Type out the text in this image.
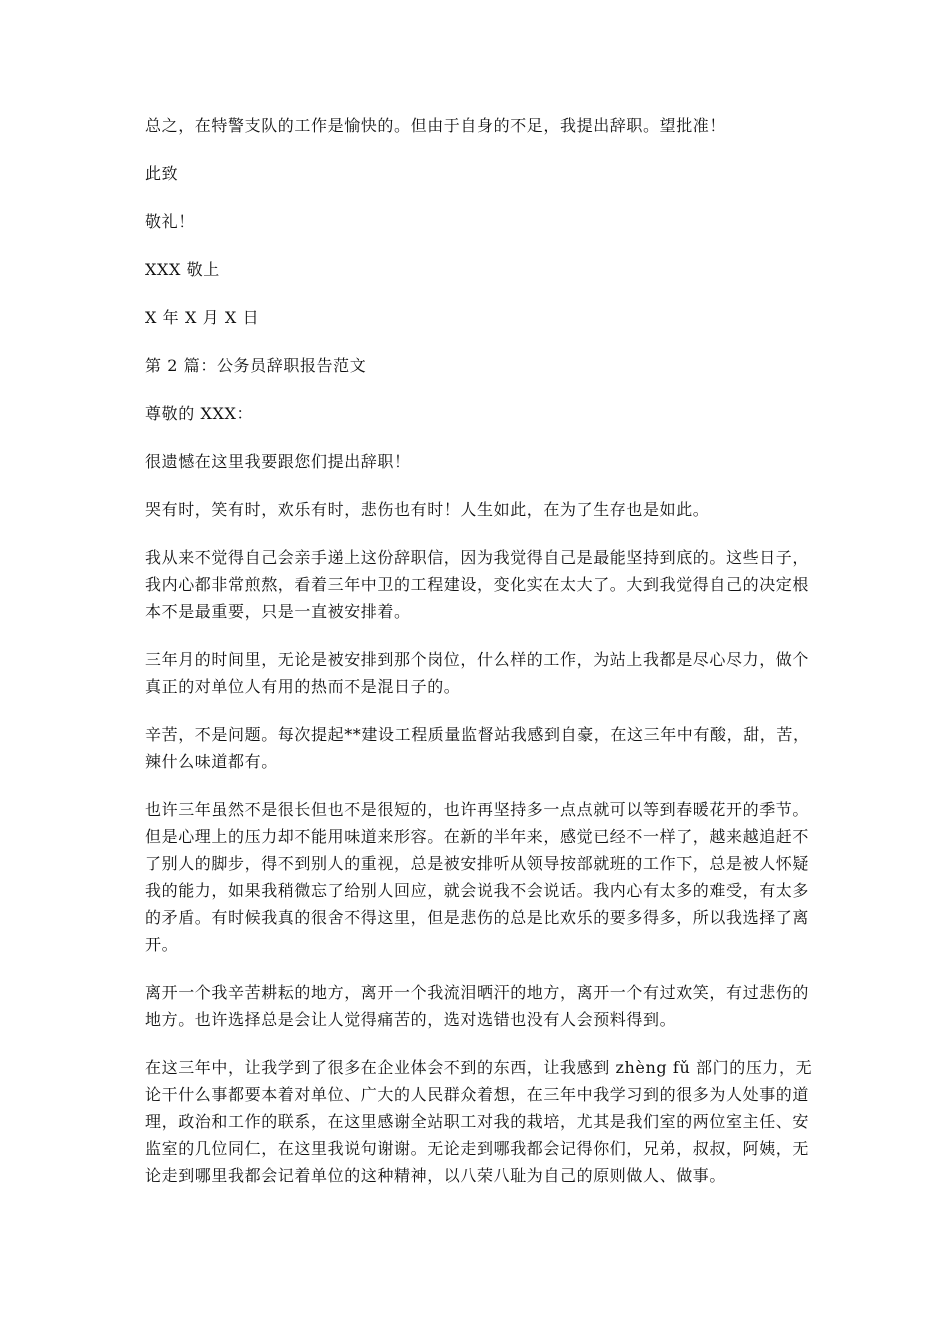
总之，在特警支队的工作是愉快的。但由于自身的不足，我提出辞职。望批准！

此致

敬礼！

XXX 敬上

X 年 X 月 X 日

第 2 篇：公务员辞职报告范文

尊敬的 XXX：

很遗憾在这里我要跟您们提出辞职！

哭有时，笑有时，欢乐有时，悲伤也有时！人生如此，在为了生存也是如此。

我从来不觉得自己会亲手递上这份辞职信，因为我觉得自己是最能坚持到底的。这些日子，我内心都非常煎熬，看着三年中卫的工程建设，变化实在太大了。大到我觉得自己的决定根本不是最重要，只是一直被安排着。

三年月的时间里，无论是被安排到那个岗位，什么样的工作，为站上我都是尽心尽力，做个真正的对单位人有用的热而不是混日子的。

辛苦，不是问题。每次提起**建设工程质量监督站我感到自豪，在这三年中有酸，甜，苦，辣什么味道都有。

也许三年虽然不是很长但也不是很短的，也许再坚持多一点点就可以等到春暖花开的季节。但是心理上的压力却不能用味道来形容。在新的半年来，感觉已经不一样了，越来越追赶不了别人的脚步，得不到别人的重视，总是被安排听从领导按部就班的工作下，总是被人怀疑我的能力，如果我稍微忘了给别人回应，就会说我不会说话。我内心有太多的难受，有太多的矛盾。有时候我真的很舍不得这里，但是悲伤的总是比欢乐的要多得多，所以我选择了离开。

离开一个我辛苦耕耘的地方，离开一个我流泪晒汗的地方，离开一个有过欢笑，有过悲伤的地方。也许选择总是会让人觉得痛苦的，选对选错也没有人会预料得到。

在这三年中，让我学到了很多在企业体会不到的东西，让我感到 zhèng fǔ 部门的压力，无论干什么事都要本着对单位、广大的人民群众着想，在三年中我学习到的很多为人处事的道理，政治和工作的联系，在这里感谢全站职工对我的栽培，尤其是我们室的两位室主任、安监室的几位同仁，在这里我说句谢谢。无论走到哪我都会记得你们，兄弟，叔叔，阿姨，无论走到哪里我都会记着单位的这种精神，以八荣八耻为自己的原则做人、做事。
